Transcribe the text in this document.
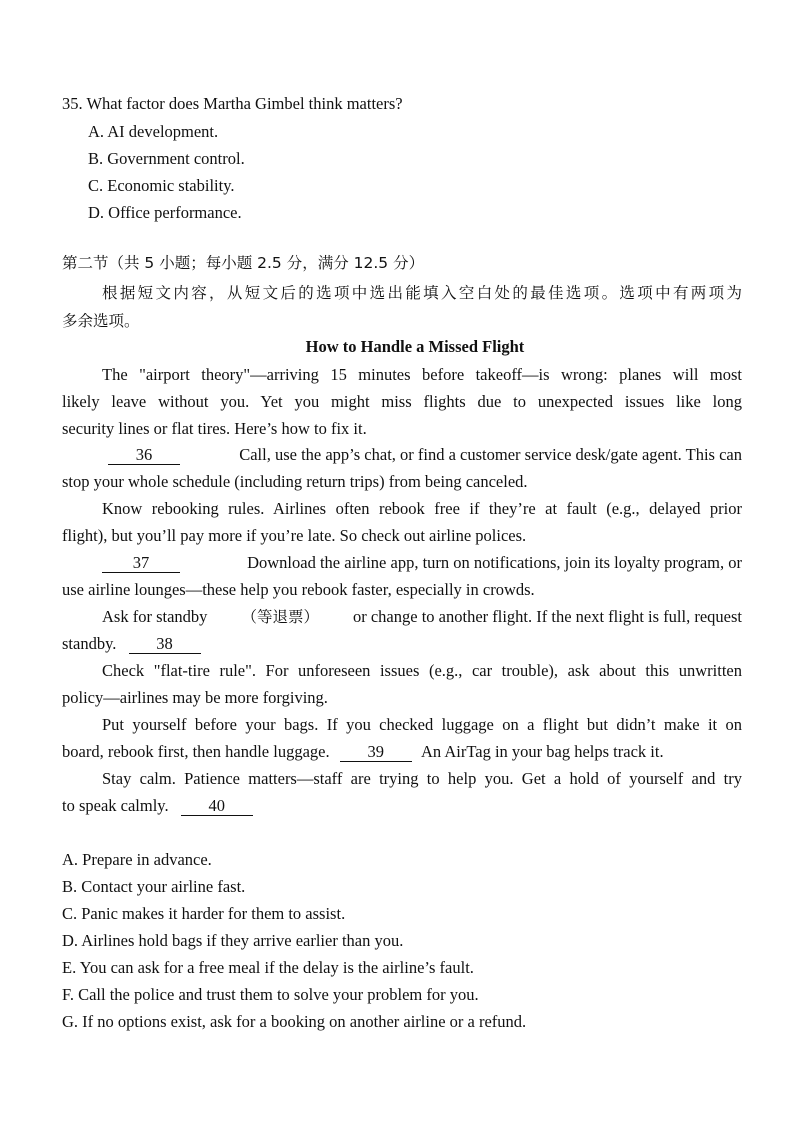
35. What factor does Martha Gimbel think matters?
A. AI development.
B. Government control.
C. Economic stability.
D. Office performance.
第二节（共 5 小题；每小题 2.5 分，满分 12.5 分）
根据短文内容，从短文后的选项中选出能填入空白处的最佳选项。选项中有两项为
多余选项。
How to Handle a Missed Flight
The "airport theory"—arriving 15 minutes before takeoff—is wrong: planes will most
likely leave without you. Yet you might miss flights due to unexpected issues like long
security lines or flat tires. Here’s how to fix it.
36	Call, use the app’s chat, or find a customer service desk/gate agent. This can
stop your whole schedule (including return trips) from being canceled.
Know rebooking rules. Airlines often rebook free if they’re at fault (e.g., delayed prior
flight), but you’ll pay more if you’re late. So check out airline polices.
37	Download the airline app, turn on notifications, join its loyalty program, or
use airline lounges—these help you rebook faster, especially in crowds.
Ask for standby （等退票） or change to another flight. If the next flight is full, request
standby. 38
Check "flat-tire rule". For unforeseen issues (e.g., car trouble), ask about this unwritten
policy—airlines may be more forgiving.
Put yourself before your bags. If you checked luggage on a flight but didn’t make it on
board, rebook first, then handle luggage. 39 An AirTag in your bag helps track it.
Stay calm. Patience matters—staff are trying to help you. Get a hold of yourself and try
to speak calmly. 40
A. Prepare in advance.
B. Contact your airline fast.
C. Panic makes it harder for them to assist.
D. Airlines hold bags if they arrive earlier than you.
E. You can ask for a free meal if the delay is the airline’s fault.
F. Call the police and trust them to solve your problem for you.
G. If no options exist, ask for a booking on another airline or a refund.
